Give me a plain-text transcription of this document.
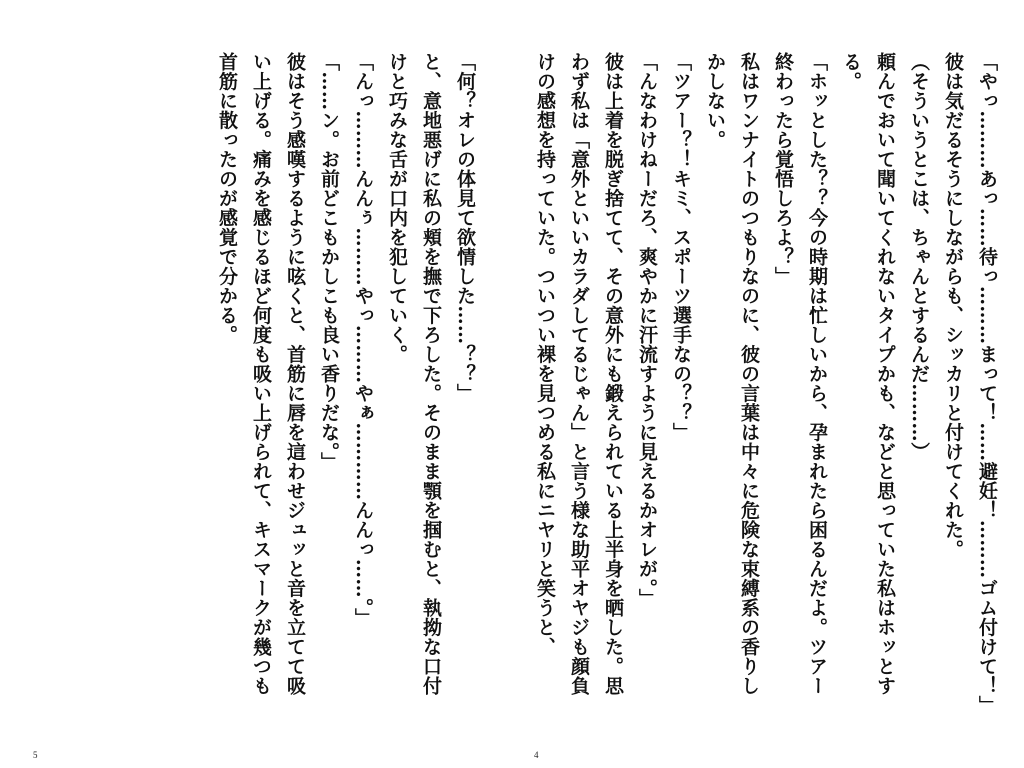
「何？オレの体見て欲情した……？？」

と、意地悪げに私の頬を撫で下ろした。そのまま顎を掴むと、執拗な口付けと巧みな舌が口内を犯していく。

「んっ………んんぅ………やっ………やぁ…………んんっ……。」

「……ン。お前どこもかしこも良い香りだな。」

彼はそう感嘆するように呟くと、首筋に唇を這わせジュッと音を立てて吸い上げる。痛みを感じるほど何度も吸い上げられて、キスマークが幾つも首筋に散ったのが感覚で分かる。

5

「やっ………あっ……待っ………まって！……避妊！………ゴム付けて！」

彼は気だるそうにしながらも、シッカリと付けてくれた。

（そういうとこは、ちゃんとするんだ………）

頼んでおいて聞いてくれないタイプかも、などと思っていた私はホッとする。

「ホッとした？？今の時期は忙しいから、孕まれたら困るんだよ。ツアー終わったら覚悟しろよ？」

私はワンナイトのつもりなのに、彼の言葉は中々に危険な束縛系の香りしかしない。

「ツアー？！キミ、スポーツ選手なの？？」

「んなわけねーだろ、爽やかに汗流すように見えるかオレが。」

彼は上着を脱ぎ捨てて、その意外にも鍛えられている上半身を晒した。思わず私は「意外といいカラダしてるじゃん」と言う様な助平オヤジも顔負けの感想を持っていた。ついつい裸を見つめる私にニヤリと笑うと、

4
